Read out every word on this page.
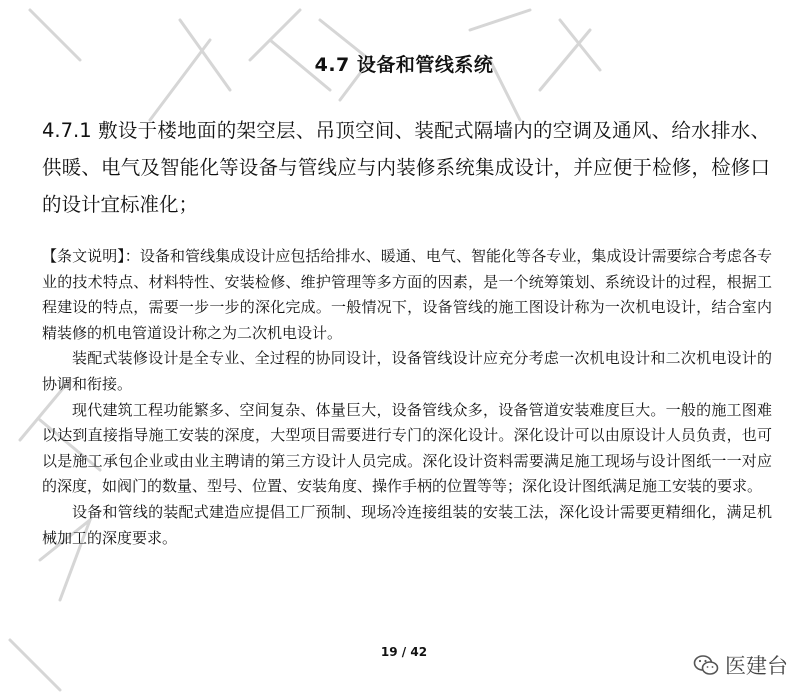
4.7 设备和管线系统
4.7.1 敷设于楼地面的架空层、吊顶空间、装配式隔墙内的空调及通风、给水排水、供暖、电气及智能化等设备与管线应与内装修系统集成设计，并应便于检修，检修口的设计宜标准化；

【条文说明】：设备和管线集成设计应包括给排水、暖通、电气、智能化等各专业，集成设计需要综合考虑各专业的技术特点、材料特性、安装检修、维护管理等多方面的因素，是一个统筹策划、系统设计的过程，根据工程建设的特点，需要一步一步的深化完成。一般情况下，设备管线的施工图设计称为一次机电设计，结合室内精装修的机电管道设计称之为二次机电设计。

装配式装修设计是全专业、全过程的协同设计，设备管线设计应充分考虑一次机电设计和二次机电设计的协调和衔接。

现代建筑工程功能繁多、空间复杂、体量巨大，设备管线众多，设备管道安装难度巨大。一般的施工图难以达到直接指导施工安装的深度，大型项目需要进行专门的深化设计。深化设计可以由原设计人员负责，也可以是施工承包企业或由业主聘请的第三方设计人员完成。深化设计资料需要满足施工现场与设计图纸一一对应的深度，如阀门的数量、型号、位置、安装角度、操作手柄的位置等等；深化设计图纸满足施工安装的要求。

设备和管线的装配式建造应提倡工厂预制、现场冷连接组装的安装工法，深化设计需要更精细化，满足机械加工的深度要求。

19 / 42
医建台
